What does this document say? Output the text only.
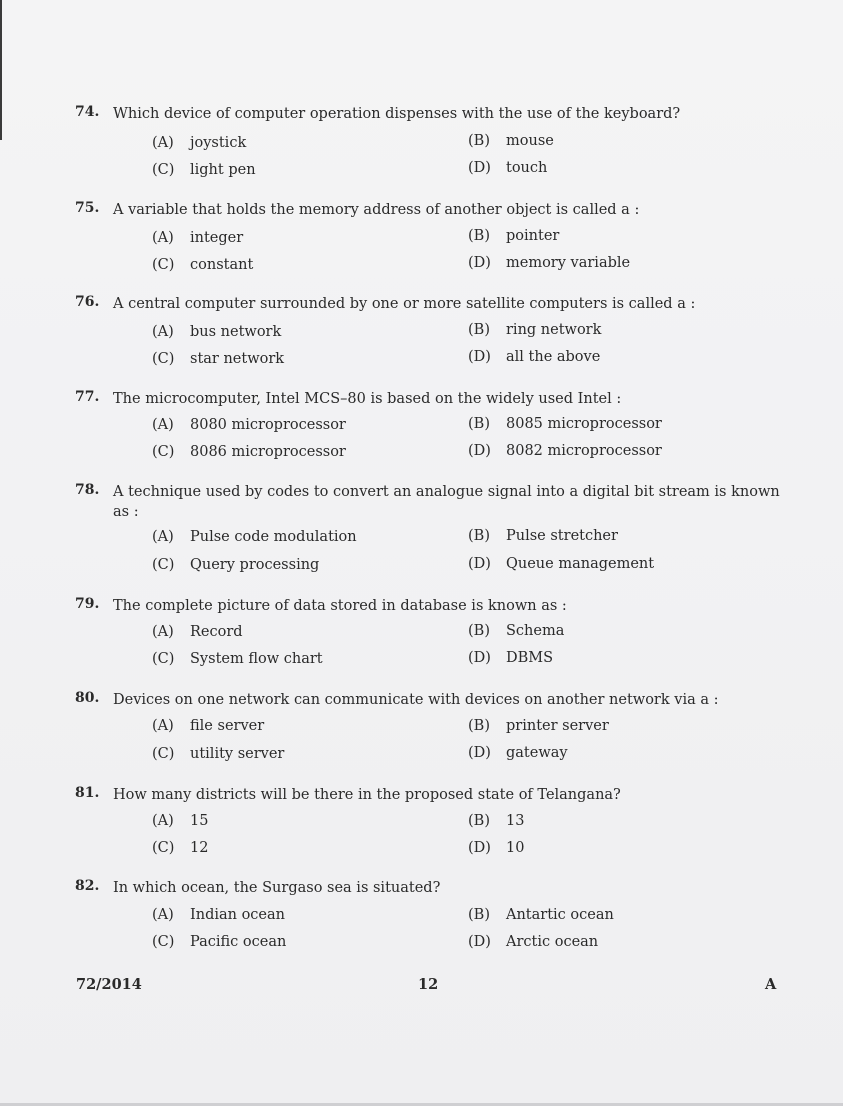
74. Which device of computer operation dispenses with the use of the keyboard?
(A) joystick	(B) mouse
(C) light pen	(D) touch
75. A variable that holds the memory address of another object is called a :
(A) integer	(B) pointer
(C) constant	(D) memory variable
76. A central computer surrounded by one or more satellite computers is called a :
(A) bus network	(B) ring network
(C) star network	(D) all the above
77. The microcomputer, Intel MCS–80 is based on the widely used Intel :
(A) 8080 microprocessor	(B) 8085 microprocessor
(C) 8086 microprocessor	(D) 8082 microprocessor
78. A technique used by codes to convert an analogue signal into a digital bit stream is known as :
(A) Pulse code modulation	(B) Pulse stretcher
(C) Query processing	(D) Queue management
79. The complete picture of data stored in database is known as :
(A) Record	(B) Schema
(C) System flow chart	(D) DBMS
80. Devices on one network can communicate with devices on another network via a :
(A) file server	(B) printer server
(C) utility server	(D) gateway
81. How many districts will be there in the proposed state of Telangana?
(A) 15	(B) 13
(C) 12	(D) 10
82. In which ocean, the Surgaso sea is situated?
(A) Indian ocean	(B) Antartic ocean
(C) Pacific ocean	(D) Arctic ocean
72/2014	12	A
